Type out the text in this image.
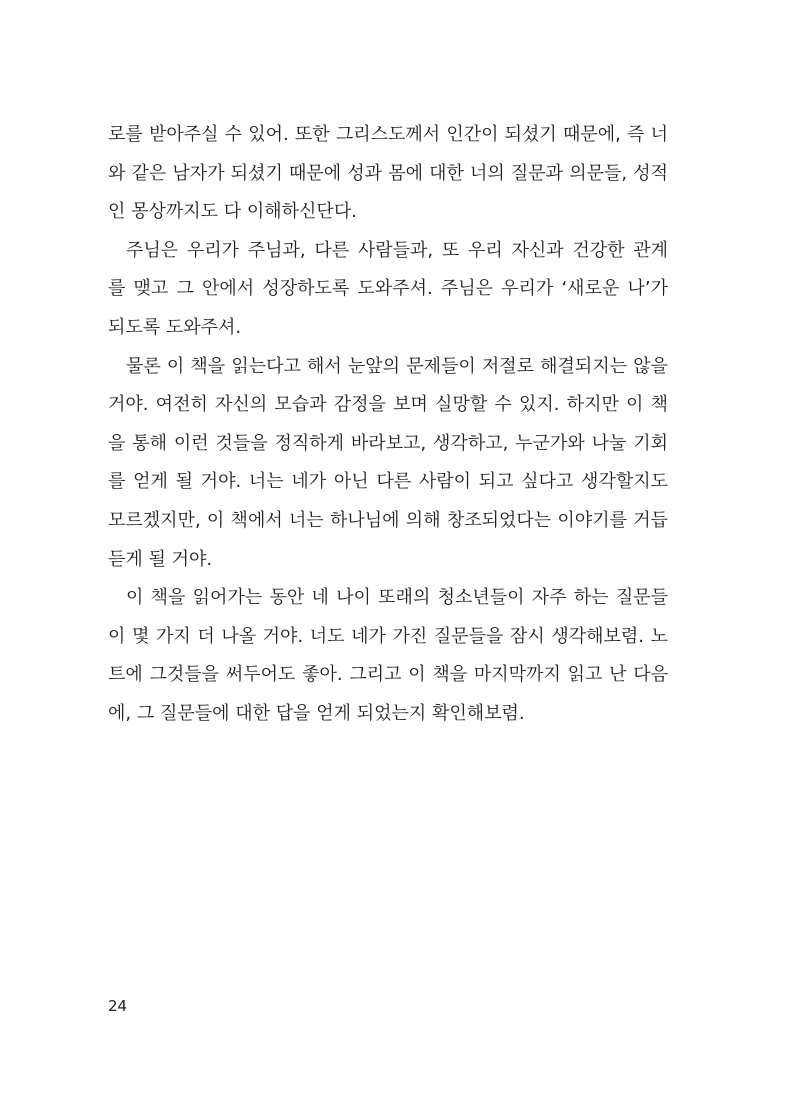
로를 받아주실 수 있어. 또한 그리스도께서 인간이 되셨기 때문에, 즉 너
와 같은 남자가 되셨기 때문에 성과 몸에 대한 너의 질문과 의문들, 성적
인 몽상까지도 다 이해하신단다.
주님은 우리가 주님과, 다른 사람들과, 또 우리 자신과 건강한 관계
를 맺고 그 안에서 성장하도록 도와주셔. 주님은 우리가 ‘새로운 나’가
되도록 도와주셔.
물론 이 책을 읽는다고 해서 눈앞의 문제들이 저절로 해결되지는 않을
거야. 여전히 자신의 모습과 감정을 보며 실망할 수 있지. 하지만 이 책
을 통해 이런 것들을 정직하게 바라보고, 생각하고, 누군가와 나눌 기회
를 얻게 될 거야. 너는 네가 아닌 다른 사람이 되고 싶다고 생각할지도
모르겠지만, 이 책에서 너는 하나님에 의해 창조되었다는 이야기를 거듭
듣게 될 거야.
이 책을 읽어가는 동안 네 나이 또래의 청소년들이 자주 하는 질문들
이 몇 가지 더 나올 거야. 너도 네가 가진 질문들을 잠시 생각해보렴. 노
트에 그것들을 써두어도 좋아. 그리고 이 책을 마지막까지 읽고 난 다음
에, 그 질문들에 대한 답을 얻게 되었는지 확인해보렴.
24
